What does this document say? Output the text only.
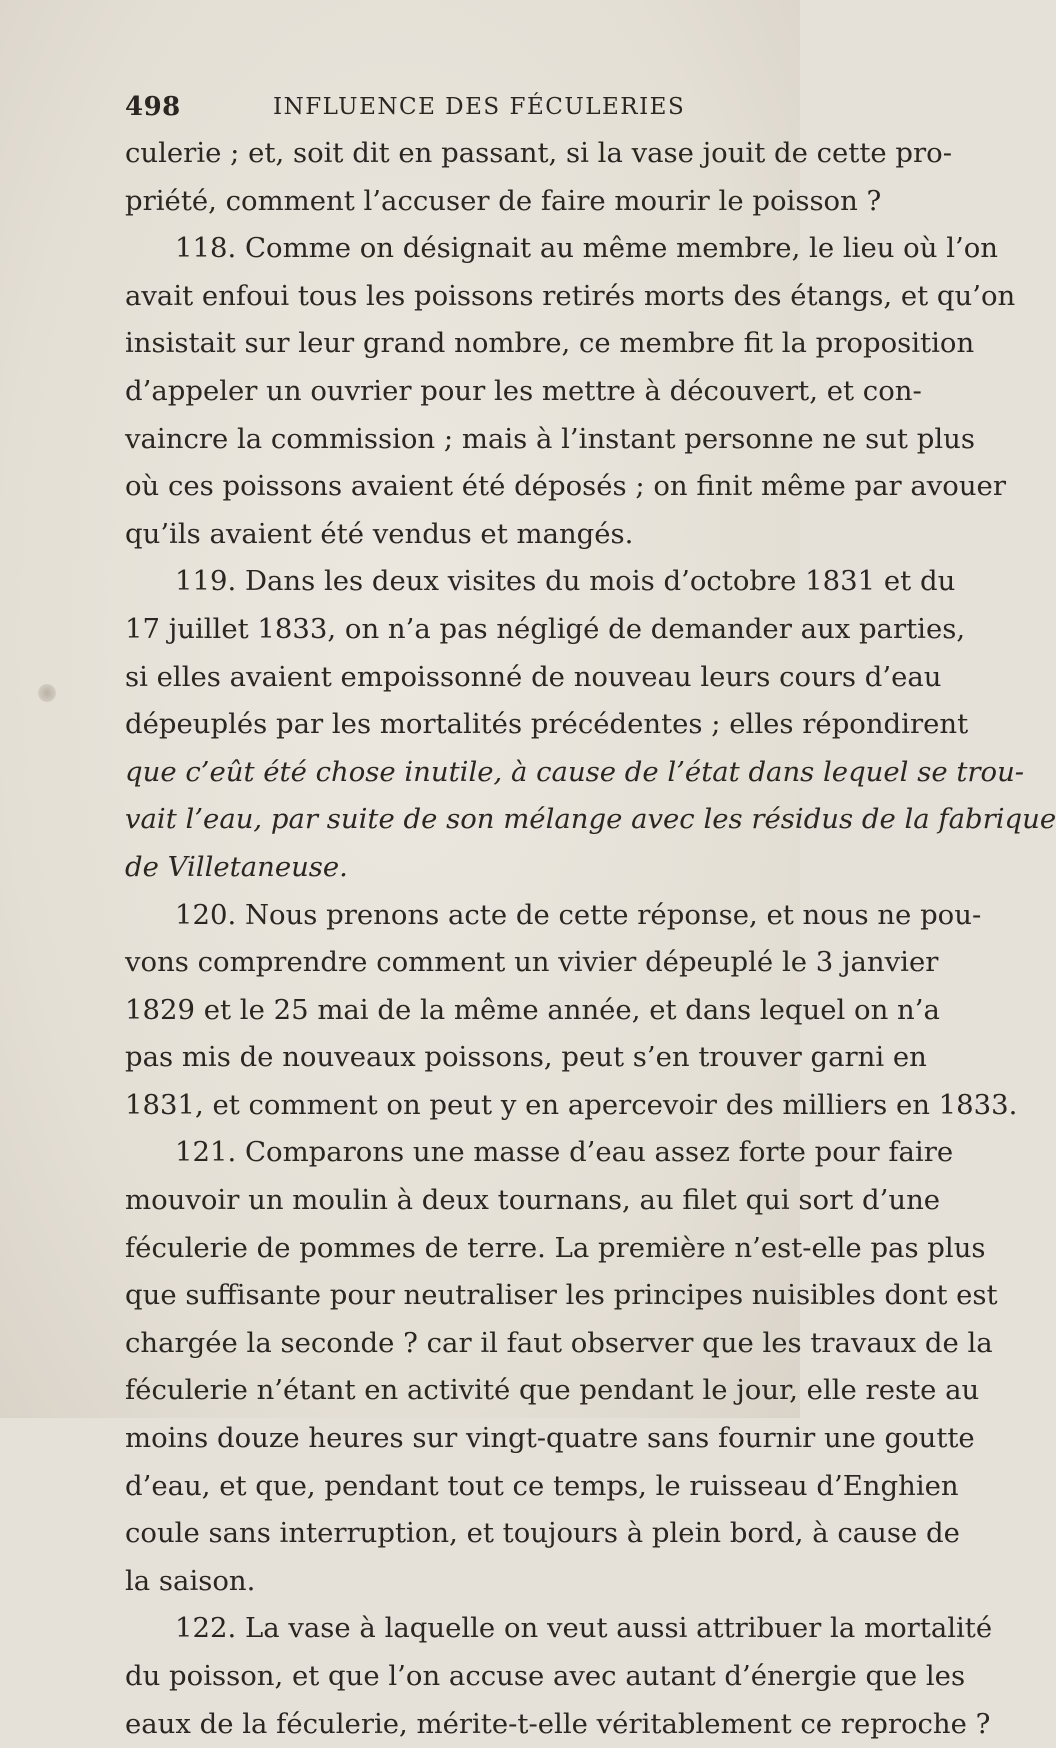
498	INFLUENCE DES FÉCULERIES
culerie ; et, soit dit en passant, si la vase jouit de cette pro-
priété, comment l’accuser de faire mourir le poisson ?
118. Comme on désignait au même membre, le lieu où l’on
avait enfoui tous les poissons retirés morts des étangs, et qu’on
insistait sur leur grand nombre, ce membre fit la proposition
d’appeler un ouvrier pour les mettre à découvert, et con-
vaincre la commission ; mais à l’instant personne ne sut plus
où ces poissons avaient été déposés ; on finit même par avouer
qu’ils avaient été vendus et mangés.
119. Dans les deux visites du mois d’octobre 1831 et du
17 juillet 1833, on n’a pas négligé de demander aux parties,
si elles avaient empoissonné de nouveau leurs cours d’eau
dépeuplés par les mortalités précédentes ; elles répondirent
que c’eût été chose inutile, à cause de l’état dans lequel se trou-
vait l’eau, par suite de son mélange avec les résidus de la fabrique
de Villetaneuse.
120. Nous prenons acte de cette réponse, et nous ne pou-
vons comprendre comment un vivier dépeuplé le 3 janvier
1829 et le 25 mai de la même année, et dans lequel on n’a
pas mis de nouveaux poissons, peut s’en trouver garni en
1831, et comment on peut y en apercevoir des milliers en 1833.
121. Comparons une masse d’eau assez forte pour faire
mouvoir un moulin à deux tournans, au filet qui sort d’une
féculerie de pommes de terre. La première n’est-elle pas plus
que suffisante pour neutraliser les principes nuisibles dont est
chargée la seconde ? car il faut observer que les travaux de la
féculerie n’étant en activité que pendant le jour, elle reste au
moins douze heures sur vingt-quatre sans fournir une goutte
d’eau, et que, pendant tout ce temps, le ruisseau d’Enghien
coule sans interruption, et toujours à plein bord, à cause de
la saison.
122. La vase à laquelle on veut aussi attribuer la mortalité
du poisson, et que l’on accuse avec autant d’énergie que les
eaux de la féculerie, mérite-t-elle véritablement ce reproche ?
